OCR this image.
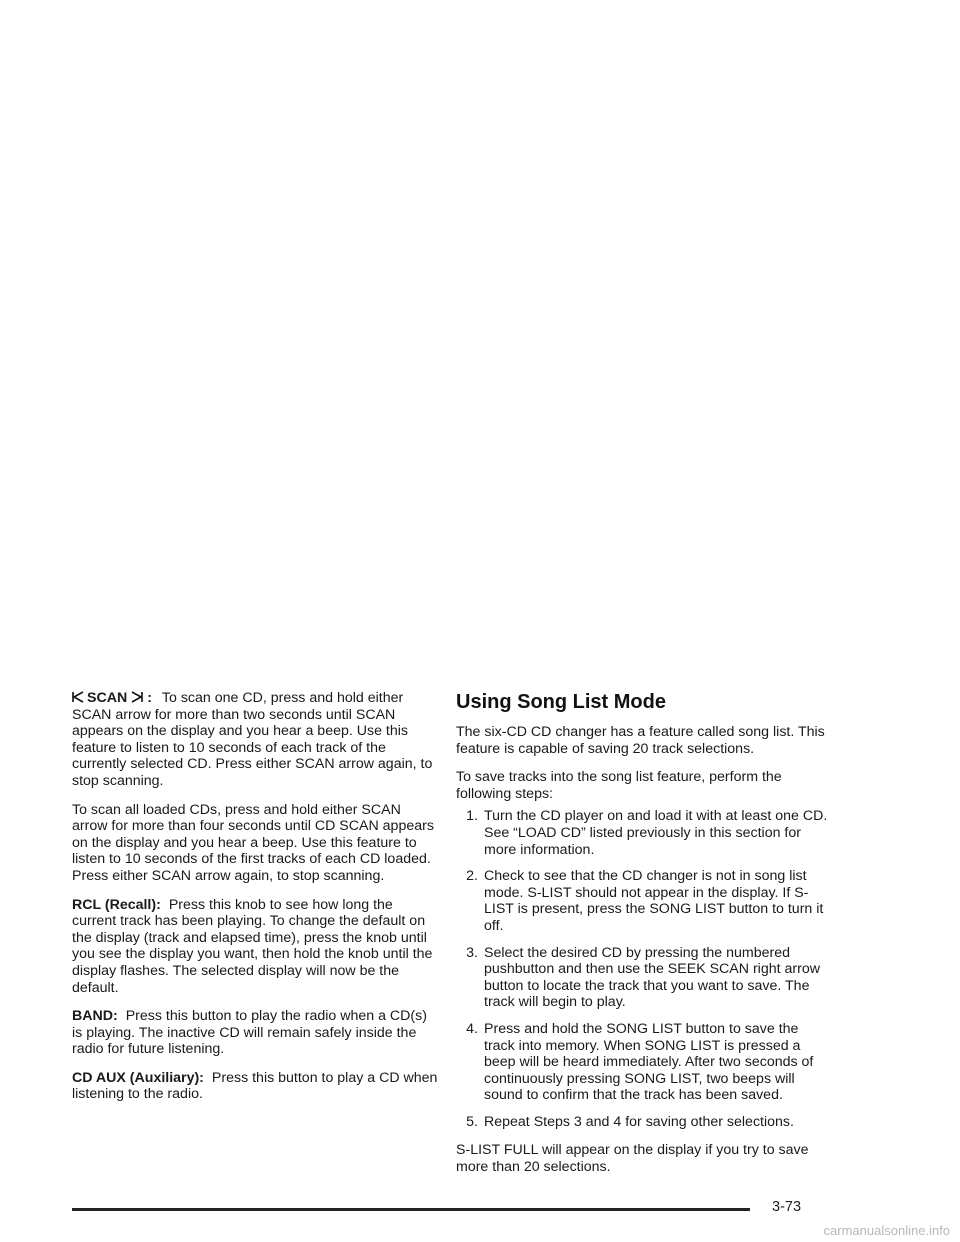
SCAN : To scan one CD, press and hold either SCAN arrow for more than two seconds until SCAN appears on the display and you hear a beep. Use this feature to listen to 10 seconds of each track of the currently selected CD. Press either SCAN arrow again, to stop scanning.

To scan all loaded CDs, press and hold either SCAN arrow for more than four seconds until CD SCAN appears on the display and you hear a beep. Use this feature to listen to 10 seconds of the first tracks of each CD loaded. Press either SCAN arrow again, to stop scanning.

RCL (Recall): Press this knob to see how long the current track has been playing. To change the default on the display (track and elapsed time), press the knob until you see the display you want, then hold the knob until the display flashes. The selected display will now be the default.

BAND: Press this button to play the radio when a CD(s) is playing. The inactive CD will remain safely inside the radio for future listening.

CD AUX (Auxiliary): Press this button to play a CD when listening to the radio.

Using Song List Mode

The six-CD CD changer has a feature called song list. This feature is capable of saving 20 track selections.

To save tracks into the song list feature, perform the following steps:

1. Turn the CD player on and load it with at least one CD. See “LOAD CD” listed previously in this section for more information.
2. Check to see that the CD changer is not in song list mode. S-LIST should not appear in the display. If S-LIST is present, press the SONG LIST button to turn it off.
3. Select the desired CD by pressing the numbered pushbutton and then use the SEEK SCAN right arrow button to locate the track that you want to save. The track will begin to play.
4. Press and hold the SONG LIST button to save the track into memory. When SONG LIST is pressed a beep will be heard immediately. After two seconds of continuously pressing SONG LIST, two beeps will sound to confirm that the track has been saved.
5. Repeat Steps 3 and 4 for saving other selections.

S-LIST FULL will appear on the display if you try to save more than 20 selections.

3-73
carmanualsonline.info
